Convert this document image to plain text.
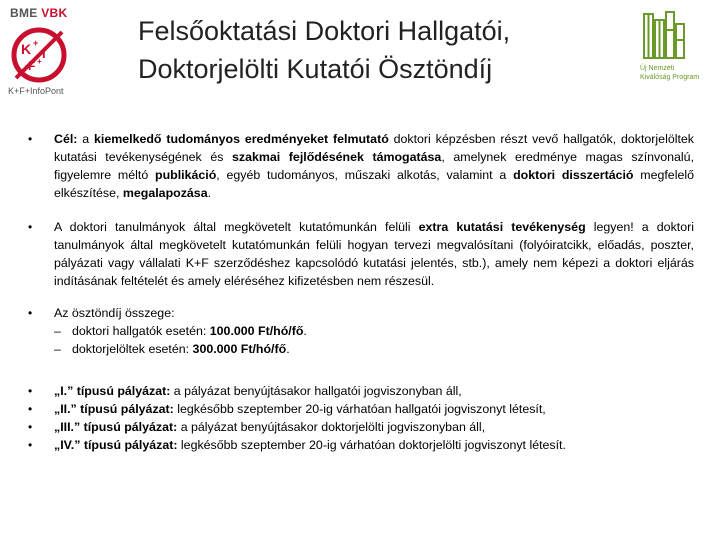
BME VBK
K +
I
F +
K+F+InfoPont
Felsőoktatási Doktori Hallgatói,
Doktorjelölti Kutatói Ösztöndíj	Új Nemzeti
Kiválóság Program
•	Cél: a kiemelkedő tudományos eredményeket felmutató doktori képzésben részt vevő hallgatók, doktorjelöltek kutatási tevékenységének és szakmai fejlődésének támogatása, amelynek eredménye magas színvonalú, figyelemre méltó publikáció, egyéb tudományos, műszaki alkotás, valamint a doktori disszertáció megfelelő elkészítése, megalapozása.
•	A doktori tanulmányok által megkövetelt kutatómunkán felüli extra kutatási tevékenység legyen! a doktori tanulmányok által megkövetelt kutatómunkán felüli hogyan tervezi megvalósítani (folyóiratcikk, előadás, poszter, pályázati vagy vállalati K+F szerződéshez kapcsolódó kutatási jelentés, stb.), amely nem képezi a doktori eljárás indításának feltételét és amely eléréséhez kifizetésben nem részesül.
•	Az ösztöndíj összege:
– doktori hallgatók esetén: 100.000 Ft/hó/fő.
– doktorjelöltek esetén: 300.000 Ft/hó/fő.
•	„I.” típusú pályázat: a pályázat benyújtásakor hallgatói jogviszonyban áll,
•	„II.” típusú pályázat: legkésőbb szeptember 20-ig várhatóan hallgatói jogviszonyt létesít,
•	„III.” típusú pályázat: a pályázat benyújtásakor doktorjelölti jogviszonyban áll,
•	„IV.” típusú pályázat: legkésőbb szeptember 20-ig várhatóan doktorjelölti jogviszonyt létesít.
